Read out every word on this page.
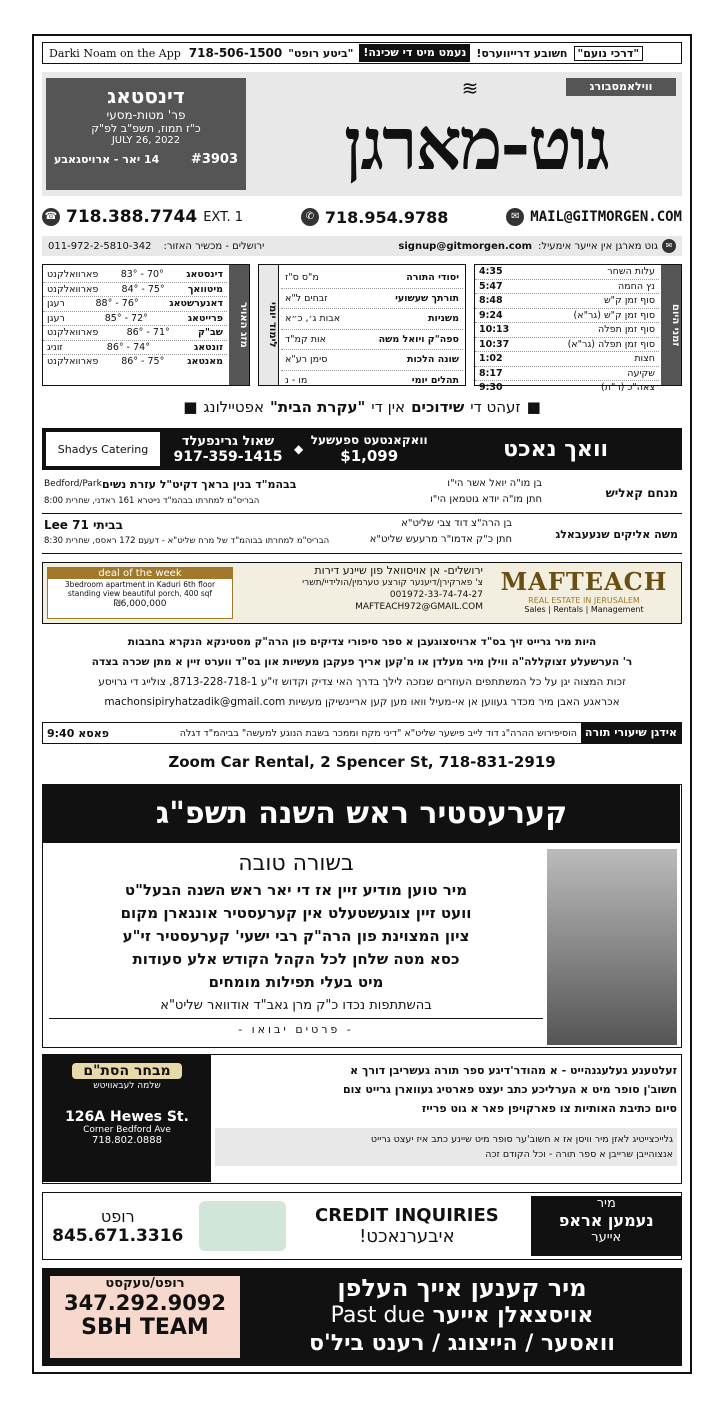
Darki Noam on the App 718-506-1500 "ביטע רופט" נעמט מיט די שכינה! חשובע דרייווערס! "דרכי נועם"
ווילאמסבורג
גוט-מארגן
≋
דינסטאג
פר' מטות-מסעי
כ"ז תמוז, תשפ"ב לפ"ק
JULY 26, 2022
#3903
14 יאר - ארויסגאבע
☎ 718.388.7744 EXT. 1	✆ 718.954.9788	✉ MAIL@GITMORGEN.COM
011-972-2-5810-342 ירושלים - מכשיר האזור:	signup@gitmorgen.com גוט מארגן אין אייער אימעיל: ✉
מזג האויר
דינסטאג
83° - 70°
פארוואלקנט
מיטוואך
84° - 75°
פארוואלקנט
דאנערשטאג
88° - 76°
רעגן
פרייטאג
85° - 72°
רעגן
שב"ק
86° - 71°
פארוואלקנט
זונטאג
86° - 74°
זוניג
מאנטאג
86° - 75°
פארוואלקנט
לימוד יומי
יסודי התורה
מ"ס ס"ז
תורתך שעשועי
זבחים ל"א
משניות
אבות ג׳, כ״א
ספה"ק ויואל משה
אות קמ"ד
שונה הלכות
סימן רע"א
תהלים יומי
מו - נ
זמני היום
עלות השחר
4:35
נץ החמה
5:47
סוף זמן ק"ש
8:48
סוף זמן ק"ש (גר"א)
9:24
סוף זמן תפלה
10:13
סוף זמן תפלה (גר"א)
10:37
חצות
1:02
שקיעה
8:17
צאה"כ (ר"ת)
9:30
■
זעהט די
שידוכים
אין די
"עקרת הבית"
אפטיילונג
■
Shadys Catering
שאול גרינפעלד
917-359-1415 ◆
וואקאנטעט ספעשעל
$1,099	וואך נאכט
מנחם קאליש
בן מו"ה יואל אשר הי"ו
חתן מו"ה יודא גוטמאן הי"ו
בבהמ"ד בנין בראך דקיט"ל עזרת נשים
Bedford/Park
הבריס"מ למחרתו בבהמ"ד נייטרא 161 ראדני, שחרית 8:00
משה אליקים שנעעבאלג
בן הרה"צ דוד צבי שליט"א
חתן כ"ק אדמו"ר מרעעש שליט"א
בביתי 71 Lee
הבריס"מ למחרתו בבוהמ"ד של מרח שליט"א - דעעם 172 ראסס, שחרית 8:30
deal of the week
3bedroom apartment in Kaduri 6th floor standing view beautiful porch, 400 sqf
₪6,000,000
ירושלים- אן אויסוואל פון שיינע דירות
צ' פארקירן/דיענער קורצע טערמין/הולידיי/תשרי
001972-33-74-74-27
MAFTEACH972@GMAIL.COM
MAFTEACH
REAL ESTATE IN JERUSALEM
Sales | Rentals | Management
היות מיר גרייט זיך בס"ד ארויסצוגעבן א ספר סיפורי צדיקים פון הרה"ק מסטינקא הנקרא בחבבות
ר' הערשעלע זצוקללה"ה ווילן מיר מעלדן או מ'קען אריך פעקבן מעשיות און בס"ד ווערט זיין א מתן שכרה בצדה
זכות המצוה יגן על כל המשתתפים העוזרים שנזכה לילך בדרך האי צדיק וקדוש זי"ע 8713-228-718-1, צולייג די גרויסע
אכראגע האבן מיר מכדר געווען אן אי-מעיל וואו מען קען אריינשיקן מעשיות machonsipiryhatzadik@gmail.com
אידגן שיעורי תורה
הוסיפירוש ההרה"ג דוד לייב פישער שליט"א "דיני מקח וממכר בשבת הנוגע למעשה" בביהמ"ד דגלה
פאסא 9:40
Zoom Car Rental, 2 Spencer St, 718-831-2919
קערעסטיר ראש השנה תשפ"ג
בשורה טובה
מיר טוען מודיע זיין אז די יאר ראש השנה הבעל"ט
וועט זיין צוגעשטעלט אין קערעסטיר אונגארן מקום
ציון המצוינת פון הרה"ק רבי ישעי' קערעסטיר זי"ע
כסא מטה שלחן לכל הקהל הקודש אלע סעודות
מיט בעלי תפילות מומחים
בהשתתפות נכדו כ"ק מרן גאב"ד אודוואר שליט"א
- פרטים יבואו -
מבחר הסת"ם
שלמה לעבאוויטש
126A Hewes St.
Corner Bedford Ave
718.802.0888
זעלטענע געלעגנהייט - א מהודר'דיגע ספר תורה געשריבן דורך א
חשוב'ן סופר מיט א הערליכע כתב יעצט פארטיג געווארן גרייט צום
סיום כתיבת האותיות צו פארקויפן פאר א גוט פרייז
גלייכצייטיג לאזן מיר וויסן אז א חשוב'ער סופר מיט שיינע כתב איז יעצט גרייט
אנצוהייבן שרייבן א ספר תורה - וכל הקודם זכה
רופט
845.671.3316
CREDIT INQUIRIES
איבערנאכט!
מיר
נעמען אראפ
אייער
רופט/טעקסט
347.292.9092
SBH TEAM
מיר קענען אייך העלפן
אויסצאלן אייער Past due
וואסער / הייצונג / רענט ביל'ס
